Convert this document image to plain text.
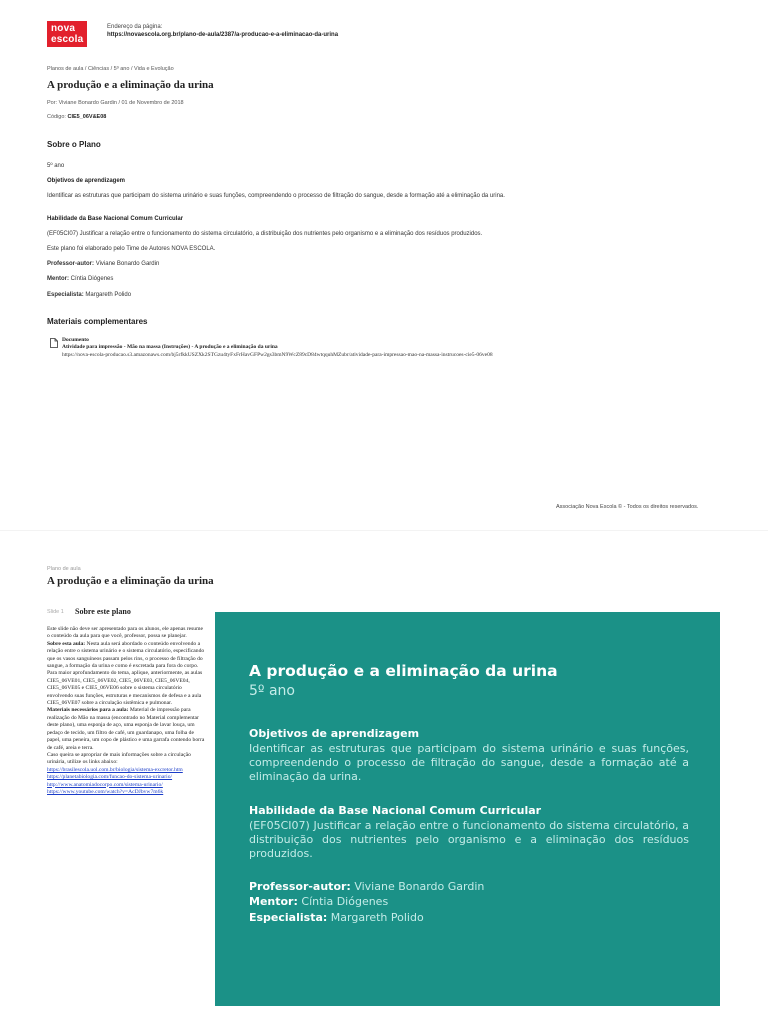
nova
escola
Endereço da página:
https://novaescola.org.br/plano-de-aula/2387/a-producao-e-a-eliminacao-da-urina
Planos de aula / Ciências / 5º ano / Vida e Evolução
A produção e a eliminação da urina
Por: Viviane Bonardo Gardin / 01 de Novembro de 2018
Código: CIE5_06V&E08
Sobre o Plano
5º ano
Objetivos de aprendizagem
Identificar as estruturas que participam do sistema urinário e suas funções, compreendendo o processo de filtração do sangue, desde a formação até a eliminação da urina.
Habilidade da Base Nacional Comum Curricular
(EF05CI07) Justificar a relação entre o funcionamento do sistema circulatório, a distribuição dos nutrientes pelo organismo e a eliminação dos resíduos produzidos.
Este plano foi elaborado pelo Time de Autores NOVA ESCOLA.
Professor-autor: Viviane Bonardo Gardin
Mentor: Cíntia Diógenes
Especialista: Margareth Polido
Materiais complementares
Documento
Atividade para impressão - Mão na massa (Instruções) - A produção e a eliminação da urina
https://nova-escola-producao.s3.amazonaws.com/bj5rfkkUSZXk2STGzu4tyFxFrHavGFPw2gs3bmN9WcZ89cD84wtqquhMZubr/atividade-para-impressao-mao-na-massa-instrucoes-cie5-06ve08
Associação Nova Escola © - Todos os direitos reservados.
Plano de aula
A produção e a eliminação da urina
Slide 1 Sobre este plano

Este slide não deve ser apresentado para os alunos, ele apenas resume o conteúdo da aula para que você, professor, possa se planejar.

Sobre esta aula: Nesta aula será abordado o conteúdo envolvendo a relação entre o sistema urinário e o sistema circulatório, especificando que os vasos sanguíneos passam pelos rins, o processo de filtração do sangue, a formação da urina e como é excretada para fora do corpo. Para maior aprofundamento do tema, aplique, anteriormente, as aulas CIE5_06VE01, CIE5_06VE02, CIE5_06VE03, CIE5_06VE04, CIE5_06VE05 e CIE5_06VE06 sobre o sistema circulatório envolvendo suas funções, estruturas e mecanismos de defesa e a aula CIE5_06VE07 sobre a circulação sistêmica e pulmonar.

Materiais necessários para a aula: Material de impressão para realização do Mão na massa (encontrado no Material complementar deste plano), uma esponja de aço, uma esponja de lavar louça, um pedaço de tecido, um filtro de café, um guardanapo, uma folha de papel, uma peneira, um copo de plástico e uma garrafa contendo borra de café, areia e terra.

Caso queira se apropriar de mais informações sobre a circulação urinária, utilize os links abaixo:

https://brasilescola.uol.com.br/biologia/sistema-excretor.htm
https://planetabiologia.com/funcao-do-sistema-urinario/
http://www.anatomiadocorpo.com/sistema-urinario/
https://www.youtube.com/watch?v=AcDJbvw7m6k
A produção e a eliminação da urina
5º ano
Objetivos de aprendizagem
Identificar as estruturas que participam do sistema urinário e suas funções, compreendendo o processo de filtração do sangue, desde a formação até a eliminação da urina.
Habilidade da Base Nacional Comum Curricular
(EF05CI07) Justificar a relação entre o funcionamento do sistema circulatório, a distribuição dos nutrientes pelo organismo e a eliminação dos resíduos produzidos.
Professor-autor: Viviane Bonardo Gardin
Mentor: Cíntia Diógenes
Especialista: Margareth Polido
